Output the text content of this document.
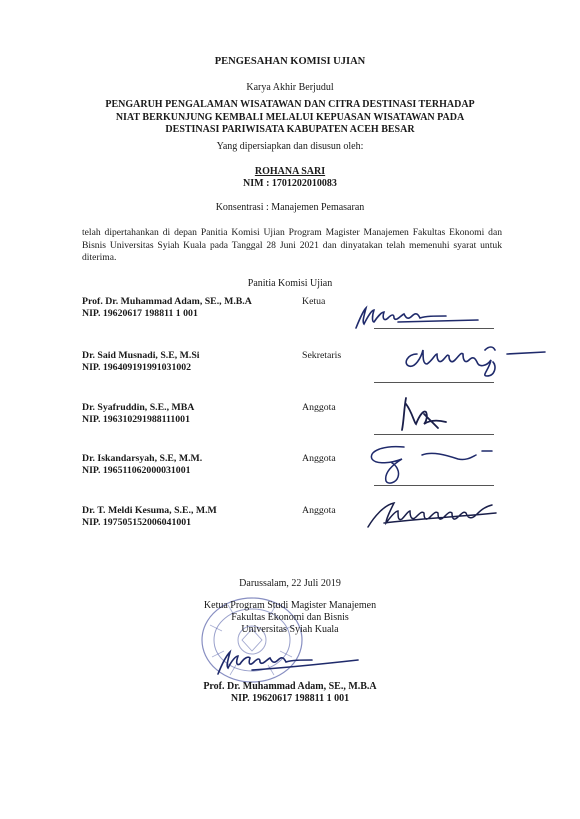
PENGESAHAN KOMISI UJIAN
Karya Akhir Berjudul
PENGARUH PENGALAMAN WISATAWAN DAN CITRA DESTINASI TERHADAP
NIAT BERKUNJUNG KEMBALI MELALUI KEPUASAN WISATAWAN PADA
DESTINASI PARIWISATA KABUPATEN ACEH BESAR
Yang dipersiapkan dan disusun oleh:
ROHANA SARI
NIM : 1701202010083
Konsentrasi : Manajemen Pemasaran
telah dipertahankan di depan Panitia Komisi Ujian Program Magister Manajemen Fakultas Ekonomi dan Bisnis Universitas Syiah Kuala pada Tanggal 28 Juni 2021 dan dinyatakan telah memenuhi syarat untuk diterima.
Panitia Komisi Ujian
Prof. Dr. Muhammad Adam, SE., M.B.A
NIP. 19620617 198811 1 001
Ketua
Dr. Said Musnadi, S.E, M.Si
NIP. 196409191991031002
Sekretaris
Dr. Syafruddin, S.E., MBA
NIP. 196310291988111001
Anggota
Dr. Iskandarsyah, S.E, M.M.
NIP. 196511062000031001
Anggota
Dr. T. Meldi Kesuma, S.E., M.M
NIP. 197505152006041001
Anggota
Darussalam, 22 Juli 2019
Ketua Program Studi Magister Manajemen
Fakultas Ekonomi dan Bisnis
Universitas Syiah Kuala
Prof. Dr. Muhammad Adam, SE., M.B.A
NIP. 19620617 198811 1 001
